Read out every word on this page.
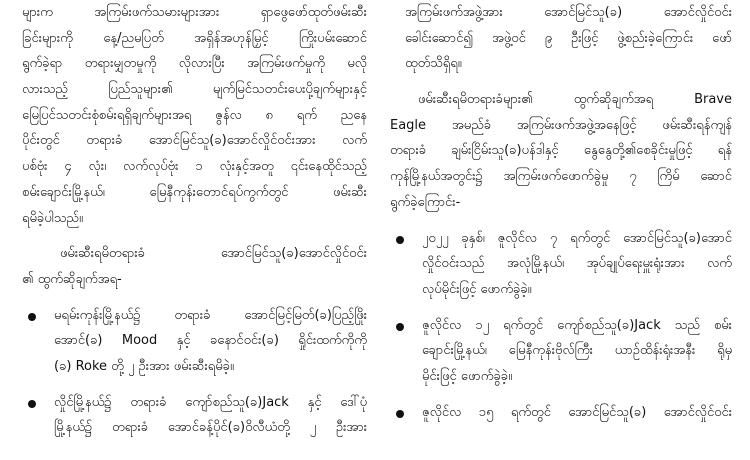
များက အကြမ်းဖက်သမားများအား ရှာဖွေဖော်ထုတ်ဖမ်းဆီး
ခြင်းများကို နေ့/ညမပြတ် အရှိန်အဟုန်မြှင့် ကြိုးပမ်းဆောင်
ရွက်ခဲ့ရာ တရားမျှတမှုကို လိုလားပြီး အကြမ်းဖက်မှုကို မလို
လားသည့် ပြည်သူများ၏ မျက်မြင်သတင်းပေးပို့ချက်များနှင့်
မြေပြင်သတင်းစုံစမ်းရရှိချက်များအရ ဇွန်လ ၈ ရက် ညနေ
ပိုင်းတွင် တရားခံ အောင်မြင်သူ(ခ)အောင်လှိုင်ဝင်းအား လက်
ပစ်ဗုံး ၄ လုံး၊ လက်လုပ်ဗုံး ၁ လုံးနှင့်အတူ ၎င်းနေထိုင်သည့်
စမ်းချောင်းမြို့နယ်၊ မြေနီကုန်းတောင်ရပ်ကွက်တွင် ဖမ်းဆီး
ရမိခဲ့ပါသည်။
ဖမ်းဆီးရမိတရားခံ အောင်မြင်သူ(ခ)အောင်လှိုင်ဝင်း
၏ ထွက်ဆိုချက်အရ-
မရမ်းကုန်းမြို့နယ်၌ တရားခံ အောင်မြင့်မြတ်(ခ)ပြည့်ဖြိုး
အောင်(ခ) Mood နှင့် ခနောင်ဝင်း(ခ) ရှိုင်းထက်ကိုကို
(ခ) Roke တို့ ၂ ဦးအား ဖမ်းဆီးရမိခဲ့။
လှိုင်မြို့နယ်၌ တရားခံ ကျော်စည်သူ(ခ)Jack နှင့် ဒေါ်ပုံ
မြို့နယ်၌ တရားခံ အောင်ခန့်ပိုင်(ခ)ဝိလီယံတို့ ၂ ဦးအား
အကြမ်းဖက်အဖွဲ့အား အောင်မြင်သူ(ခ) အောင်လှိုင်ဝင်း
ခေါင်းဆောင်၍ အဖွဲ့ဝင် ၉ ဦးဖြင့် ဖွဲ့စည်းခဲ့ကြောင်း ဖော်
ထုတ်သိရှိရ။
ဖမ်းဆီးရမိတရားခံများ၏ ထွက်ဆိုချက်အရ Brave
Eagle အမည်ခံ အကြမ်းဖက်အဖွဲ့အနေဖြင့် ဖမ်းဆီးရန်ကျန်
တရားခံ ချမ်းငြိမ်းသူ(ခ)ပန်ဒါနှင့် နွေနွေတို့၏စေခိုင်းမှုဖြင့် ရန်
ကုန်မြို့နယ်အတွင်း၌ အကြမ်းဖက်ဖောက်ခွဲမှု ၇ ကြိမ် ဆောင်
ရွက်ခဲ့ကြောင်း-
၂၀၂၂ ခုနှစ်၊ ဇူလိုင်လ ၇ ရက်တွင် အောင်မြင်သူ(ခ)အောင်
လှိုင်ဝင်းသည် အလုံမြို့နယ်၊ အုပ်ချုပ်ရေးမှူးရုံးအား လက်
လုပ်မိုင်းဖြင့် ဖောက်ခွဲခဲ့။
ဇူလိုင်လ ၁၂ ရက်တွင် ကျော်စည်သူ(ခ)Jack သည် စမ်း
ချောင်းမြို့နယ်၊ မြေနီကုန်းဗိုလ်ကြီး ယာဉ်ထိန်းရုံးအနီး ရိုမှ
မိုင်းဖြင့် ဖောက်ခွဲခဲ့။
ဇူလိုင်လ ၁၅ ရက်တွင် အောင်မြင်သူ(ခ) အောင်လှိုင်ဝင်း
